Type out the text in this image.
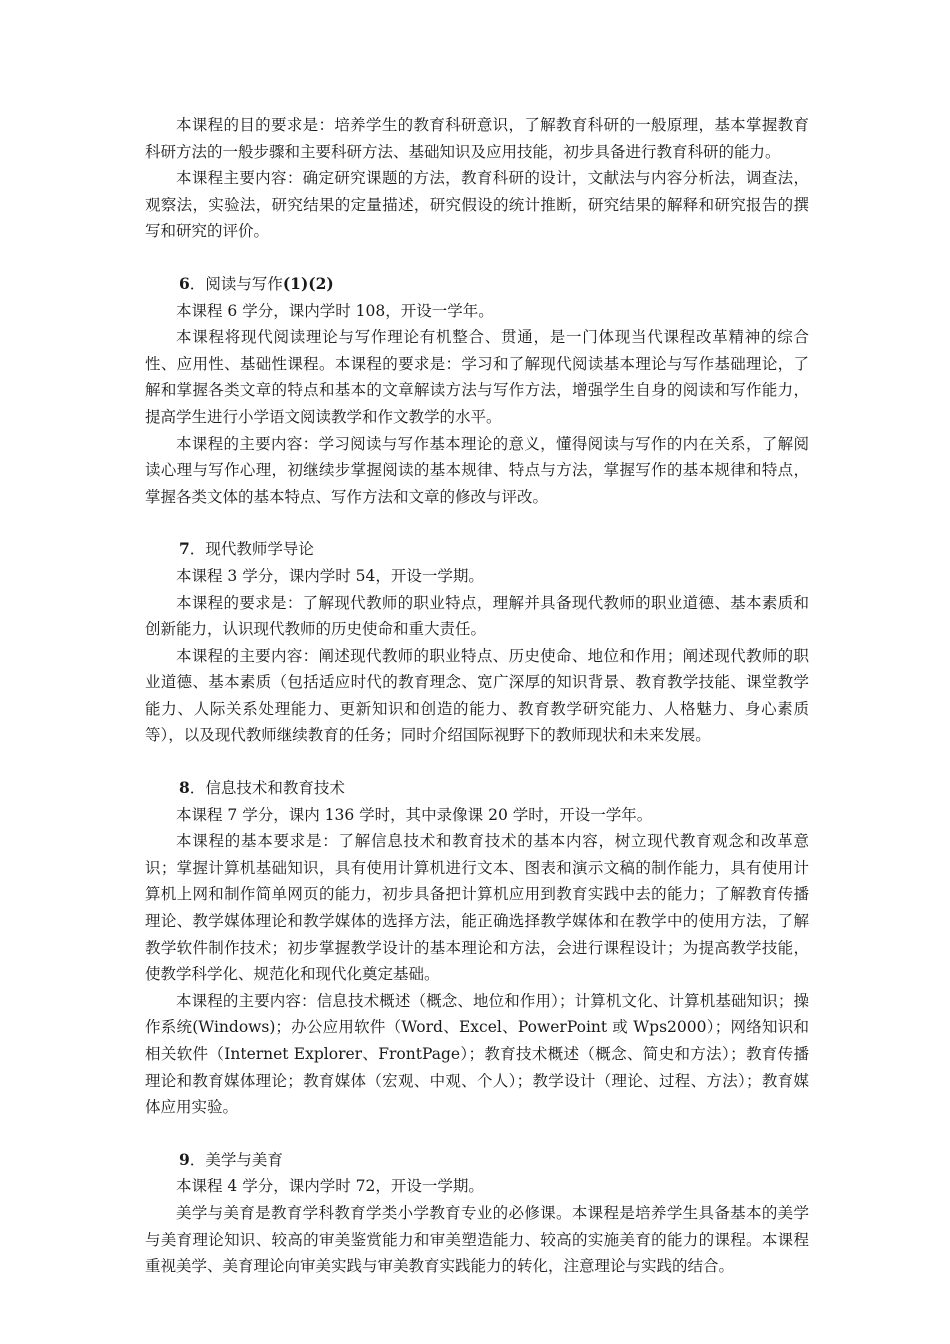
本课程的目的要求是：培养学生的教育科研意识，了解教育科研的一般原理，基本掌握教育科研方法的一般步骤和主要科研方法、基础知识及应用技能，初步具备进行教育科研的能力。

本课程主要内容：确定研究课题的方法，教育科研的设计，文献法与内容分析法，调查法，观察法，实验法，研究结果的定量描述，研究假设的统计推断，研究结果的解释和研究报告的撰写和研究的评价。

6．阅读与写作(1)(2)

本课程 6 学分，课内学时 108，开设一学年。

本课程将现代阅读理论与写作理论有机整合、贯通，是一门体现当代课程改革精神的综合性、应用性、基础性课程。本课程的要求是：学习和了解现代阅读基本理论与写作基础理论，了解和掌握各类文章的特点和基本的文章解读方法与写作方法，增强学生自身的阅读和写作能力，提高学生进行小学语文阅读教学和作文教学的水平。

本课程的主要内容：学习阅读与写作基本理论的意义，懂得阅读与写作的内在关系，了解阅读心理与写作心理，初继续步掌握阅读的基本规律、特点与方法，掌握写作的基本规律和特点，掌握各类文体的基本特点、写作方法和文章的修改与评改。

7．现代教师学导论

本课程 3 学分，课内学时 54，开设一学期。

本课程的要求是：了解现代教师的职业特点，理解并具备现代教师的职业道德、基本素质和创新能力，认识现代教师的历史使命和重大责任。

本课程的主要内容：阐述现代教师的职业特点、历史使命、地位和作用；阐述现代教师的职业道德、基本素质（包括适应时代的教育理念、宽广深厚的知识背景、教育教学技能、课堂教学能力、人际关系处理能力、更新知识和创造的能力、教育教学研究能力、人格魅力、身心素质等），以及现代教师继续教育的任务；同时介绍国际视野下的教师现状和未来发展。

8．信息技术和教育技术

本课程 7 学分，课内 136 学时，其中录像课 20 学时，开设一学年。

本课程的基本要求是：了解信息技术和教育技术的基本内容，树立现代教育观念和改革意识；掌握计算机基础知识，具有使用计算机进行文本、图表和演示文稿的制作能力，具有使用计算机上网和制作简单网页的能力，初步具备把计算机应用到教育实践中去的能力；了解教育传播理论、教学媒体理论和教学媒体的选择方法，能正确选择教学媒体和在教学中的使用方法，了解教学软件制作技术；初步掌握教学设计的基本理论和方法，会进行课程设计；为提高教学技能，使教学科学化、规范化和现代化奠定基础。

本课程的主要内容：信息技术概述（概念、地位和作用）；计算机文化、计算机基础知识；操作系统(Windows)；办公应用软件（Word、Excel、PowerPoint 或 Wps2000）；网络知识和相关软件（Internet Explorer、FrontPage）；教育技术概述（概念、简史和方法）；教育传播理论和教育媒体理论；教育媒体（宏观、中观、个人）；教学设计（理论、过程、方法）；教育媒体应用实验。

9．美学与美育

本课程 4 学分，课内学时 72，开设一学期。

美学与美育是教育学科教育学类小学教育专业的必修课。本课程是培养学生具备基本的美学与美育理论知识、较高的审美鉴赏能力和审美塑造能力、较高的实施美育的能力的课程。本课程重视美学、美育理论向审美实践与审美教育实践能力的转化，注意理论与实践的结合。
